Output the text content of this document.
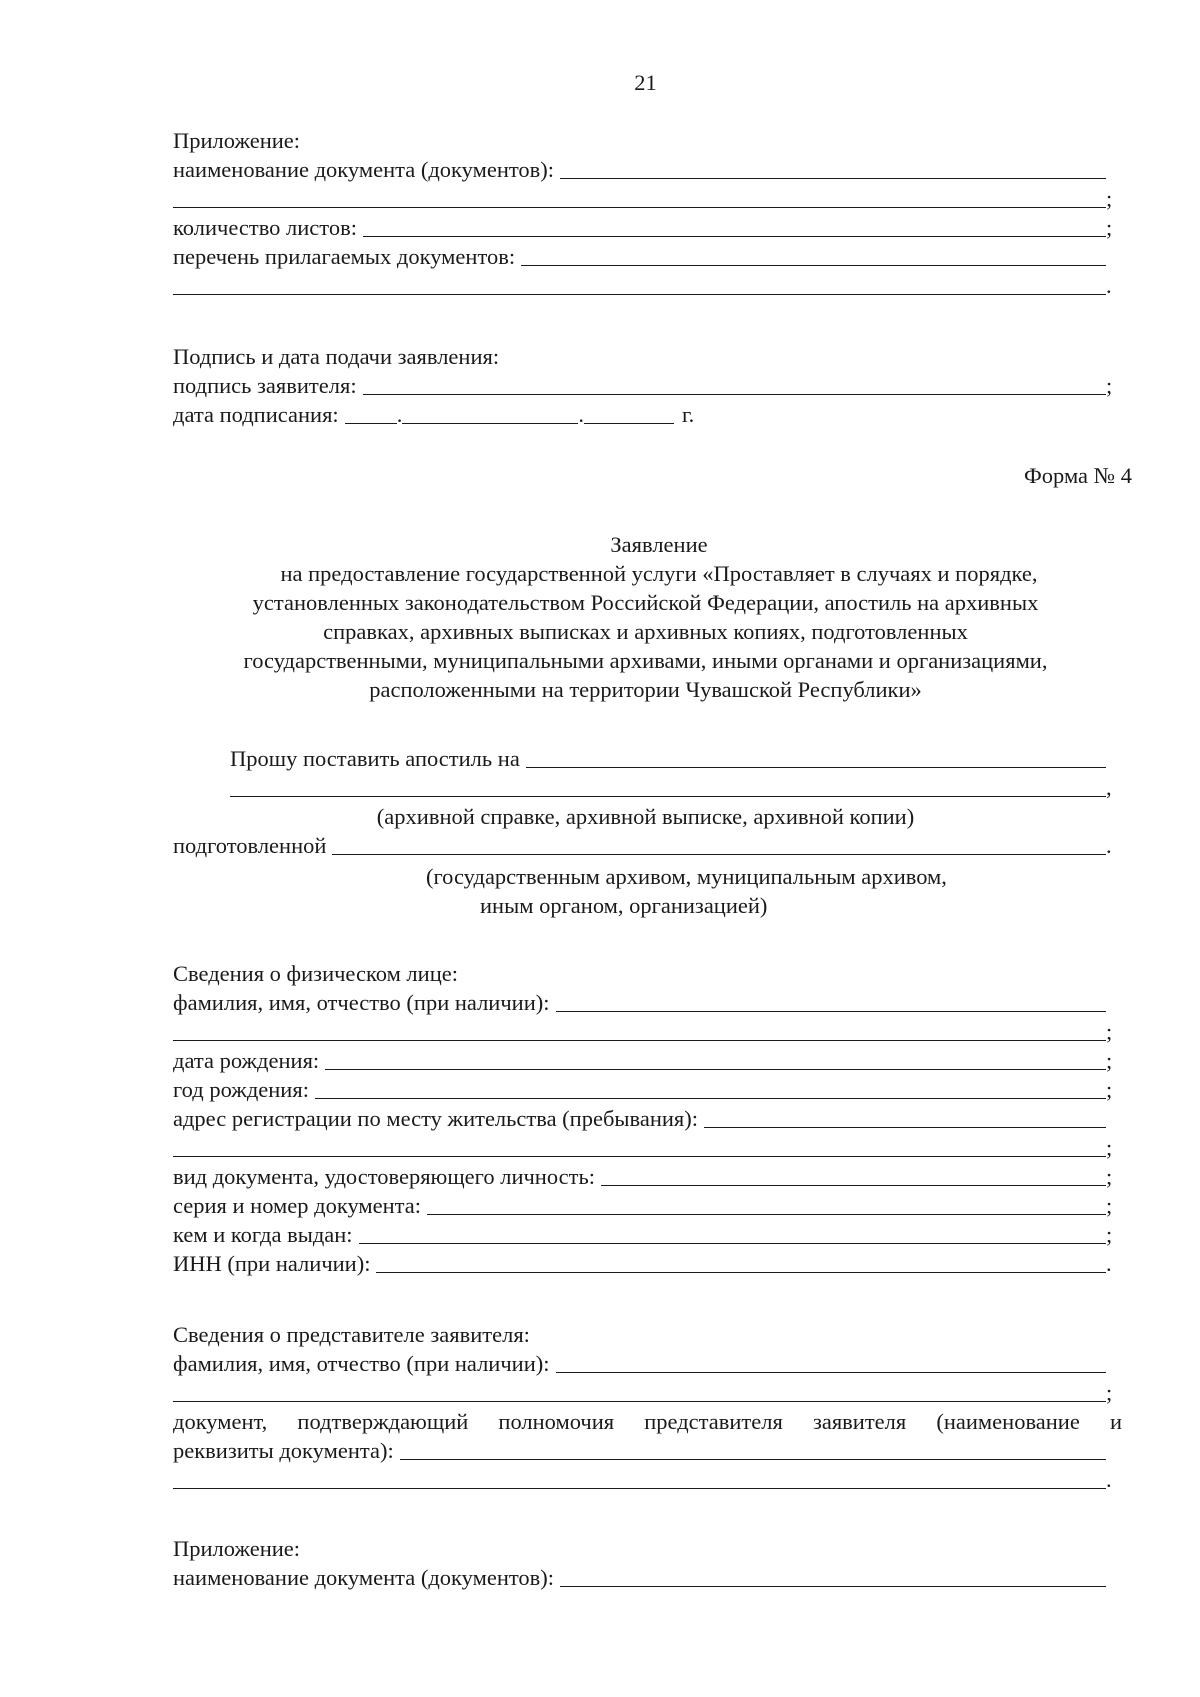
21
Приложение:
наименование документа (документов):
;
количество листов:	;
перечень прилагаемых документов:
.
Подпись и дата подачи заявления:
подпись заявителя:	;
дата подписания:	.	.	г.
Форма № 4
Заявление
на предоставление государственной услуги «Проставляет в случаях и порядке,
установленных законодательством Российской Федерации, апостиль на архивных
справках, архивных выписках и архивных копиях, подготовленных
государственными, муниципальными архивами, иными органами и организациями,
расположенными на территории Чувашской Республики»
Прошу поставить апостиль на
,
(архивной справке, архивной выписке, архивной копии)
подготовленной	.
(государственным архивом, муниципальным архивом,
иным органом, организацией)
Сведения о физическом лице:
фамилия, имя, отчество (при наличии):
;
дата рождения:	;
год рождения:	;
адрес регистрации по месту жительства (пребывания):
;
вид документа, удостоверяющего личность:	;
серия и номер документа:	;
кем и когда выдан:	;
ИНН (при наличии):	.
Сведения о представителе заявителя:
фамилия, имя, отчество (при наличии):
;
документ, подтверждающий полномочия представителя заявителя (наименование и
реквизиты документа):
.
Приложение:
наименование документа (документов):
